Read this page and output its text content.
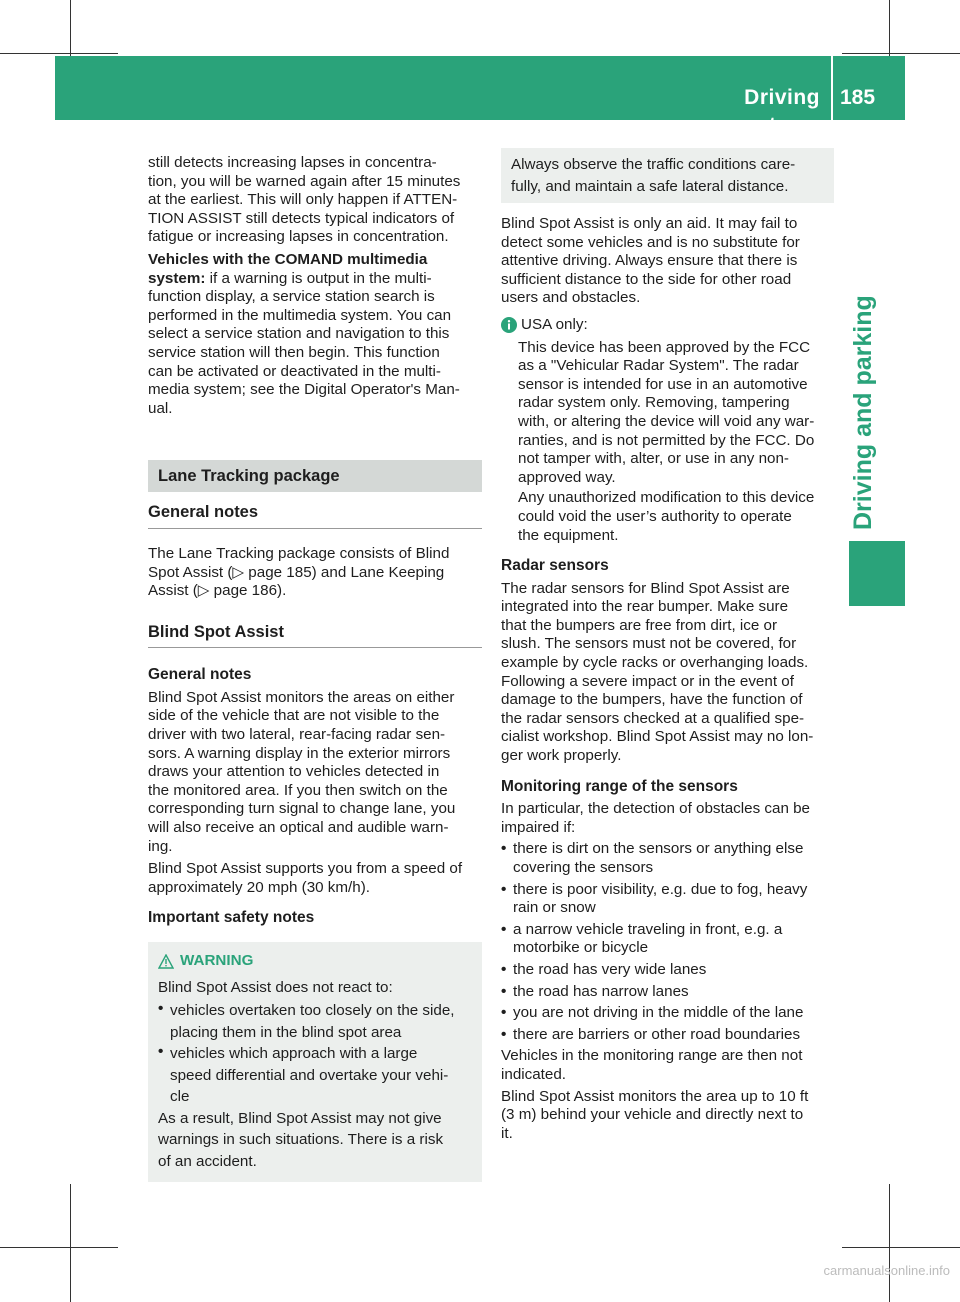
Driving systems
185
Driving and parking

still detects increasing lapses in concentra-
tion, you will be warned again after 15 minutes
at the earliest. This will only happen if ATTEN-
TION ASSIST still detects typical indicators of
fatigue or increasing lapses in concentration.

Vehicles with the COMAND multimedia system: if a warning is output in the multi-
function display, a service station search is
performed in the multimedia system. You can
select a service station and navigation to this
service station will then begin. This function
can be activated or deactivated in the multi-
media system; see the Digital Operator's Man-
ual.

Lane Tracking package
General notes

The Lane Tracking package consists of Blind
Spot Assist (▷ page 185) and Lane Keeping
Assist (▷ page 186).

Blind Spot Assist

General notes

Blind Spot Assist monitors the areas on either
side of the vehicle that are not visible to the
driver with two lateral, rear-facing radar sen-
sors. A warning display in the exterior mirrors
draws your attention to vehicles detected in
the monitored area. If you then switch on the
corresponding turn signal to change lane, you
will also receive an optical and audible warn-
ing.

Blind Spot Assist supports you from a speed of
approximately 20 mph (30 km/h).

Important safety notes

WARNING

Blind Spot Assist does not react to:

• vehicles overtaken too closely on the side,
placing them in the blind spot area

• vehicles which approach with a large
speed differential and overtake your vehi-
cle

As a result, Blind Spot Assist may not give
warnings in such situations. There is a risk
of an accident.

Always observe the traffic conditions care-
fully, and maintain a safe lateral distance.

Blind Spot Assist is only an aid. It may fail to
detect some vehicles and is no substitute for
attentive driving. Always ensure that there is
sufficient distance to the side for other road
users and obstacles.

USA only:

This device has been approved by the FCC
as a "Vehicular Radar System". The radar
sensor is intended for use in an automotive
radar system only. Removing, tampering
with, or altering the device will void any war-
ranties, and is not permitted by the FCC. Do
not tamper with, alter, or use in any non-
approved way.

Any unauthorized modification to this device
could void the user’s authority to operate
the equipment.

Radar sensors

The radar sensors for Blind Spot Assist are
integrated into the rear bumper. Make sure
that the bumpers are free from dirt, ice or
slush. The sensors must not be covered, for
example by cycle racks or overhanging loads.
Following a severe impact or in the event of
damage to the bumpers, have the function of
the radar sensors checked at a qualified spe-
cialist workshop. Blind Spot Assist may no lon-
ger work properly.

Monitoring range of the sensors

In particular, the detection of obstacles can be
impaired if:

• there is dirt on the sensors or anything else
covering the sensors

• there is poor visibility, e.g. due to fog, heavy
rain or snow

• a narrow vehicle traveling in front, e.g. a
motorbike or bicycle

• the road has very wide lanes

• the road has narrow lanes

• you are not driving in the middle of the lane

• there are barriers or other road boundaries

Vehicles in the monitoring range are then not
indicated.

Blind Spot Assist monitors the area up to 10 ft
(3 m) behind your vehicle and directly next to
it.

carmanualsonline.info
